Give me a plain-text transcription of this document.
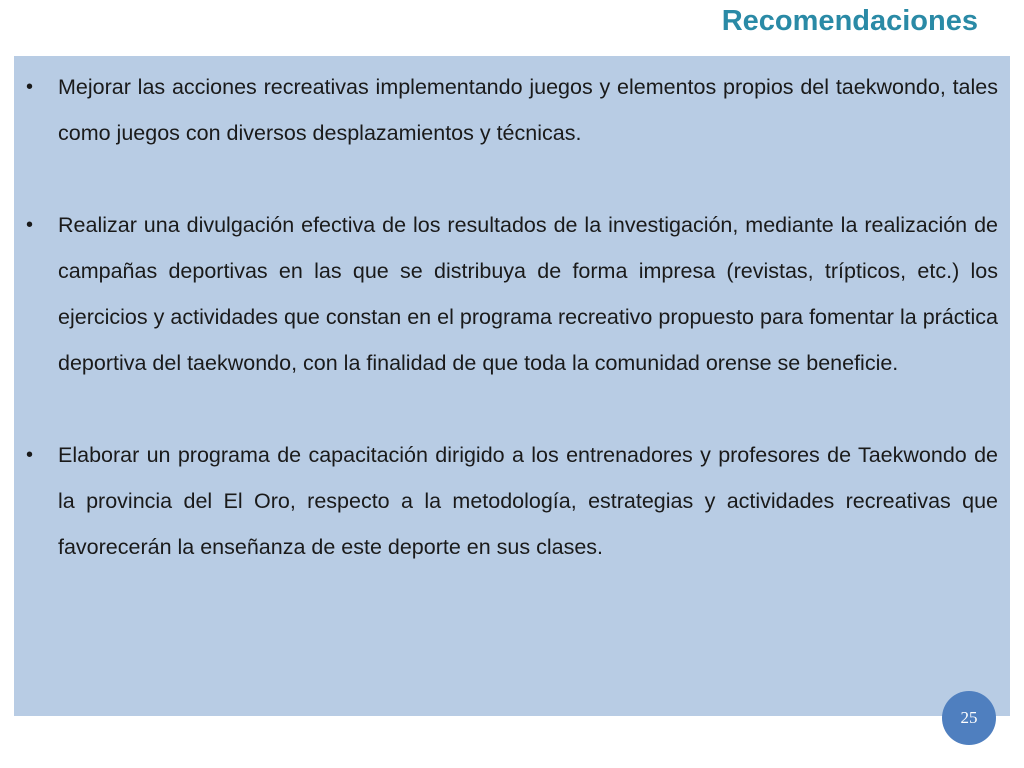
Recomendaciones
• Mejorar las acciones recreativas implementando juegos y elementos propios del taekwondo, tales como juegos con diversos desplazamientos y técnicas.
• Realizar una divulgación efectiva de los resultados de la investigación, mediante la realización de campañas deportivas en las que se distribuya de forma impresa (revistas, trípticos, etc.) los ejercicios y actividades que constan en el programa recreativo propuesto para fomentar la práctica deportiva del taekwondo, con la finalidad de que toda la comunidad orense se beneficie.
• Elaborar un programa de capacitación dirigido a los entrenadores y profesores de Taekwondo de la provincia del El Oro, respecto a la metodología, estrategias y actividades recreativas que favorecerán la enseñanza de este deporte en sus clases.
25
